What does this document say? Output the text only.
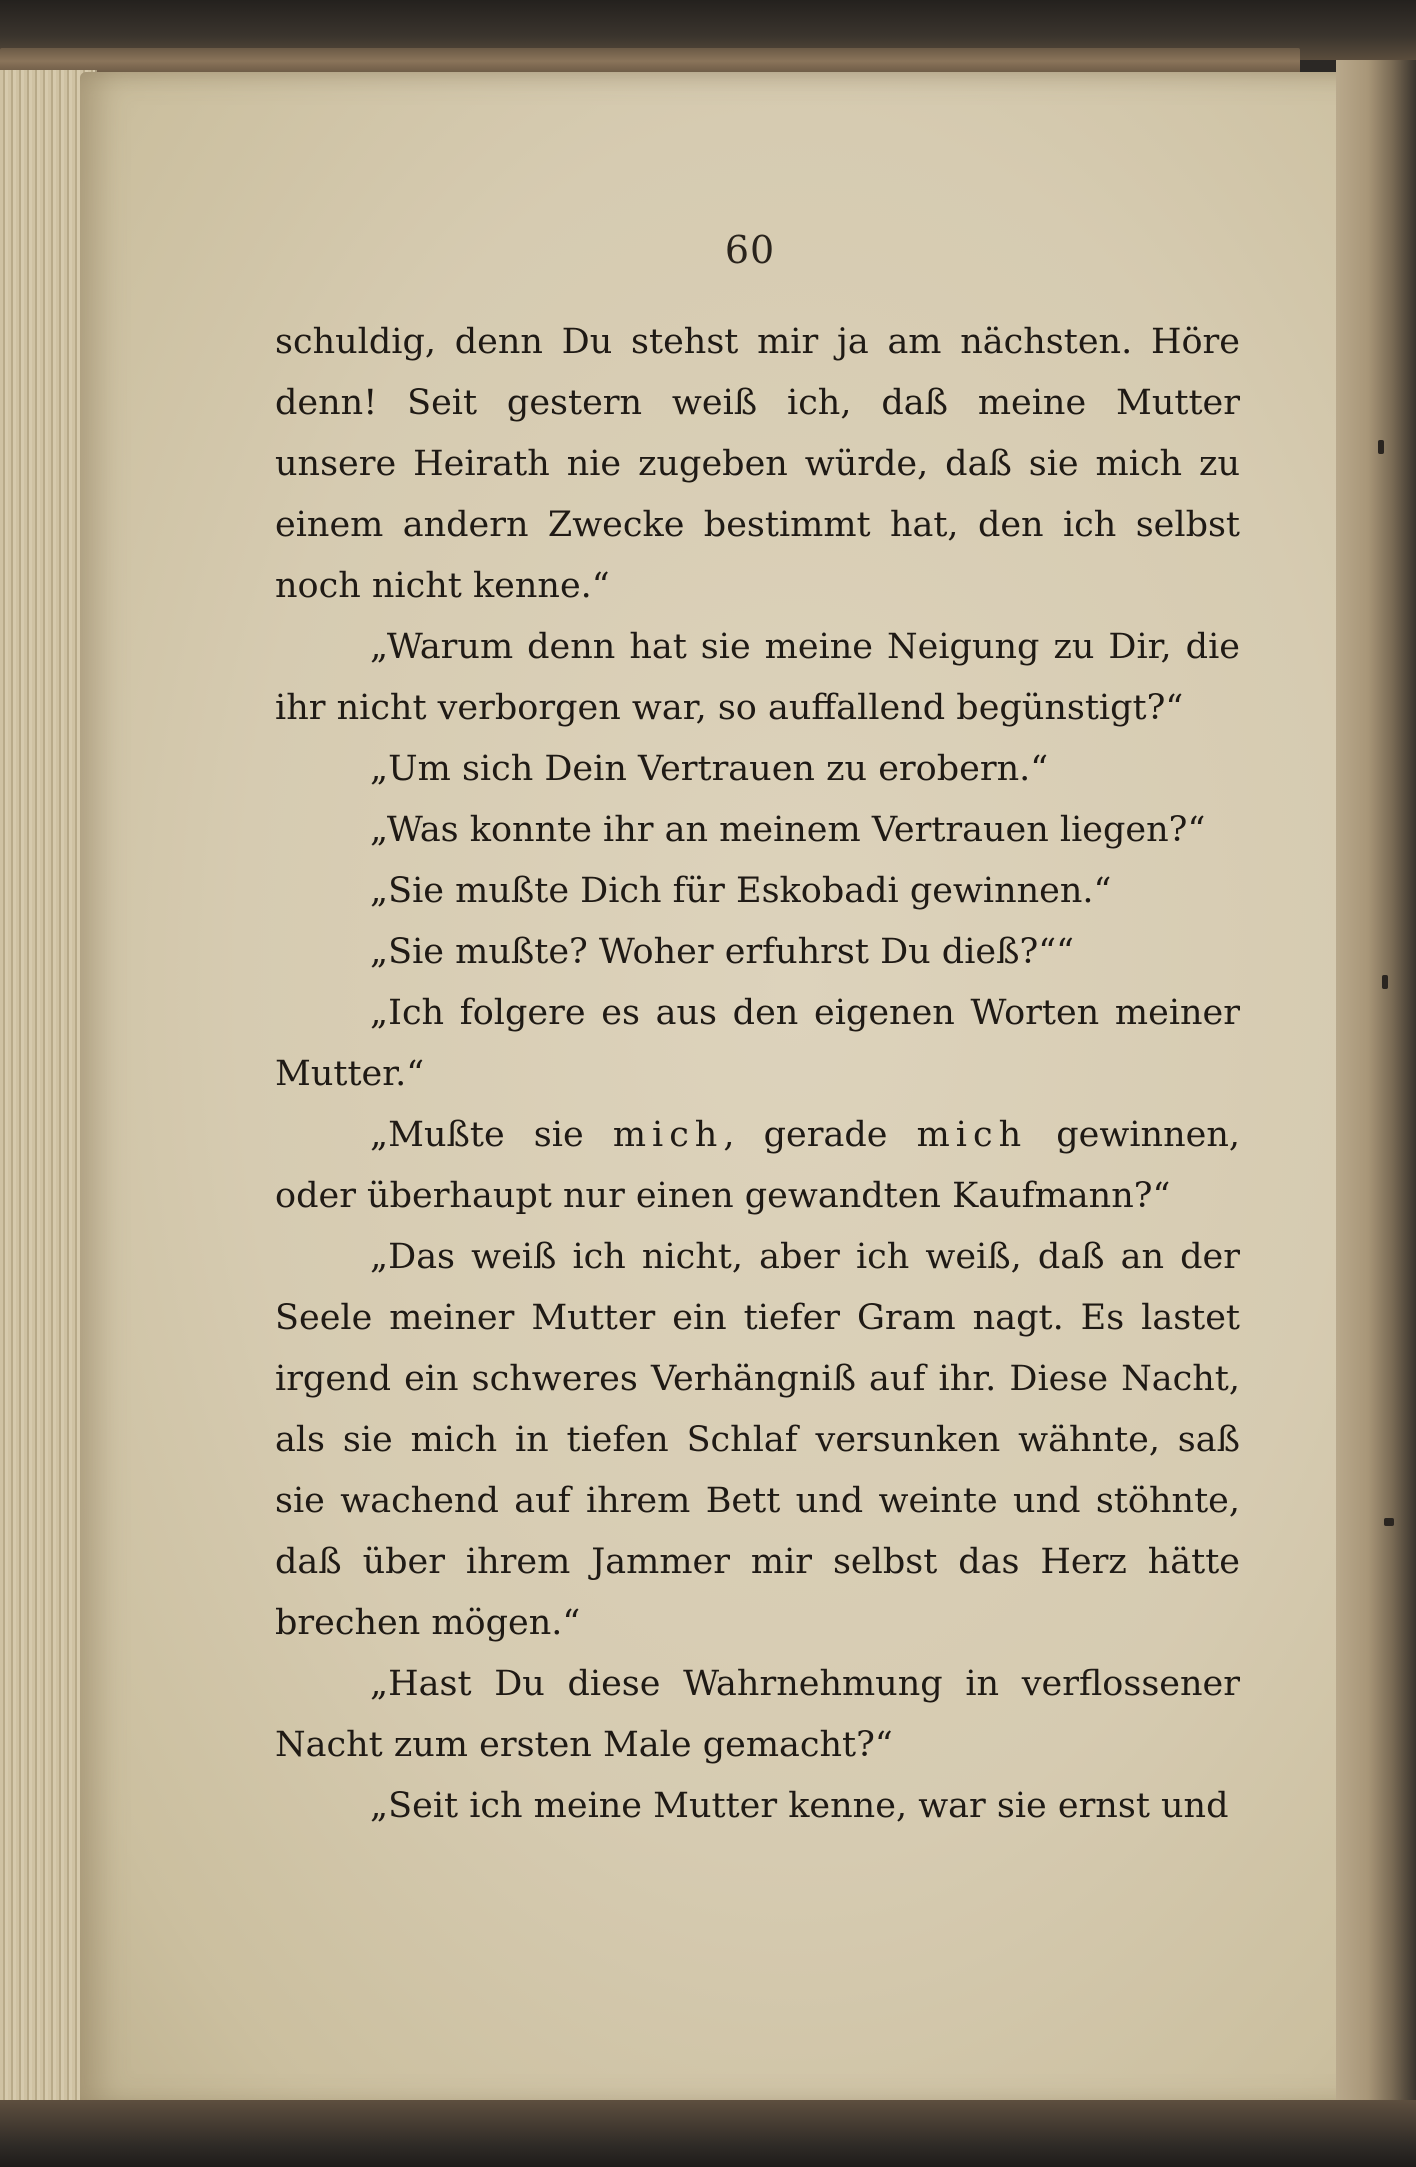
60

schuldig, denn Du stehst mir ja am nächsten. Höre denn! Seit gestern weiß ich, daß meine Mutter unsere Heirath nie zugeben würde, daß sie mich zu einem andern Zwecke bestimmt hat, den ich selbst noch nicht kenne.“

„Warum denn hat sie meine Neigung zu Dir, die ihr nicht verborgen war, so auffallend begünstigt?“

„Um sich Dein Vertrauen zu erobern.“

„Was konnte ihr an meinem Vertrauen liegen?“

„Sie mußte Dich für Eskobadi gewinnen.“

„Sie mußte? Woher erfuhrst Du dieß?““

„Ich folgere es aus den eigenen Worten meiner Mutter.“

„Mußte sie mich, gerade mich gewinnen, oder überhaupt nur einen gewandten Kaufmann?“

„Das weiß ich nicht, aber ich weiß, daß an der Seele meiner Mutter ein tiefer Gram nagt. Es lastet irgend ein schweres Verhängniß auf ihr. Diese Nacht, als sie mich in tiefen Schlaf versunken wähnte, saß sie wachend auf ihrem Bett und weinte und stöhnte, daß über ihrem Jammer mir selbst das Herz hätte brechen mögen.“

„Hast Du diese Wahrnehmung in verflossener Nacht zum ersten Male gemacht?“

„Seit ich meine Mutter kenne, war sie ernst und
